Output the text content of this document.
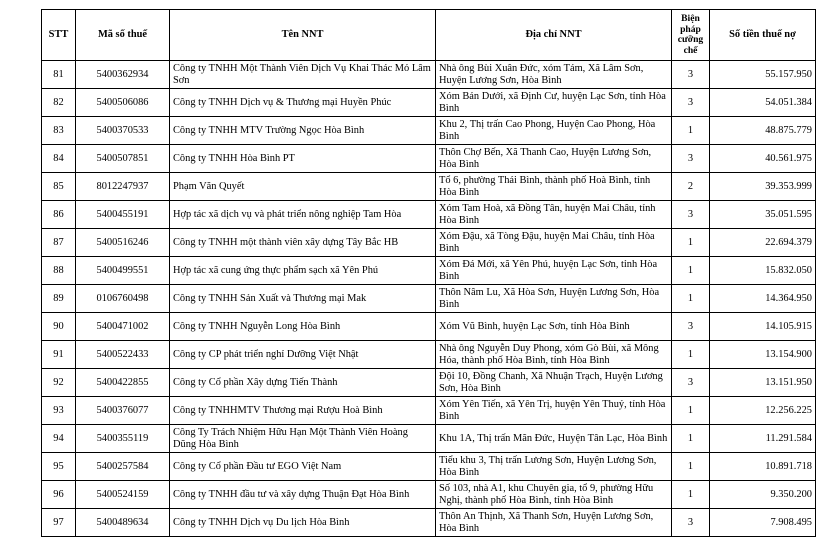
STT	Mã số thuế	Tên NNT	Địa chỉ NNT	Biện pháp cưỡng chế	Số tiền thuế nợ
81	5400362934	Công ty TNHH Một Thành Viên Dịch Vụ Khai Thác Mỏ Lâm Sơn	Nhà ông Bùi Xuân Đức, xóm Tám, Xã Lâm Sơn, Huyện Lương Sơn, Hòa Bình	3	55.157.950
82	5400506086	Công ty TNHH Dịch vụ & Thương mại Huyền Phúc	Xóm Bản Dưới, xã Định Cư, huyện Lạc Sơn, tỉnh Hòa Bình	3	54.051.384
83	5400370533	Công ty TNHH MTV Trường Ngọc Hòa Bình	Khu 2, Thị trấn Cao Phong, Huyện Cao Phong, Hòa Bình	1	48.875.779
84	5400507851	Công ty TNHH Hòa Bình PT	Thôn Chợ Bến, Xã Thanh Cao, Huyện Lương Sơn, Hòa Bình	3	40.561.975
85	8012247937	Phạm Văn Quyết	Tổ 6, phường Thái Bình, thành phố Hoà Bình, tỉnh Hòa Bình	2	39.353.999
86	5400455191	Hợp tác xã dịch vụ và phát triển nông nghiệp Tam Hòa	Xóm Tam Hoà, xã Đồng Tân, huyện Mai Châu, tỉnh Hòa Bình	3	35.051.595
87	5400516246	Công ty TNHH một thành viên xây dựng Tây Bắc HB	Xóm Đậu, xã Tòng Đậu, huyện Mai Châu, tỉnh Hòa Bình	1	22.694.379
88	5400499551	Hợp tác xã cung ứng thực phẩm sạch xã Yên Phú	Xóm Đá Mới, xã Yên Phú, huyện Lạc Sơn, tỉnh Hòa Bình	1	15.832.050
89	0106760498	Công ty TNHH Sản Xuất và Thương mại Mak	Thôn Nâm Lu, Xã Hòa Sơn, Huyện Lương Sơn, Hòa Bình	1	14.364.950
90	5400471002	Công ty TNHH Nguyễn Long Hòa Bình	Xóm Vũ Bình, huyện Lạc Sơn, tỉnh Hòa Bình	3	14.105.915
91	5400522433	Công ty CP phát triển nghỉ Dưỡng Việt Nhật	Nhà ông Nguyễn Duy Phong, xóm Gò Bùi, xã Mông Hóa, thành phố Hòa Bình, tỉnh Hòa Bình	1	13.154.900
92	5400422855	Công ty Cổ phần Xây dựng Tiến Thành	Đội 10, Đồng Chanh, Xã Nhuận Trạch, Huyện Lương Sơn, Hòa Bình	3	13.151.950
93	5400376077	Công ty TNHHMTV Thương mại Rượu Hoà Bình	Xóm Yên Tiến, xã Yên Trị, huyện Yên Thuỷ, tỉnh Hòa Bình	1	12.256.225
94	5400355119	Công Ty Trách Nhiệm Hữu Hạn Một Thành Viên Hoàng Dũng Hòa Bình	Khu 1A, Thị trấn Mãn Đức, Huyện Tân Lạc, Hòa Bình	1	11.291.584
95	5400257584	Công ty Cổ phần Đầu tư EGO Việt Nam	Tiểu khu 3, Thị trấn Lương Sơn, Huyện Lương Sơn, Hòa Bình	1	10.891.718
96	5400524159	Công ty TNHH đầu tư và xây dựng Thuận Đạt Hòa Bình	Số 103, nhà A1, khu Chuyên gia, tổ 9, phường Hữu Nghị, thành phố Hòa Bình, tỉnh Hòa Bình	1	9.350.200
97	5400489634	Công ty TNHH Dịch vụ Du lịch Hòa Bình	Thôn An Thịnh, Xã Thanh Sơn, Huyện Lương Sơn, Hòa Bình	3	7.908.495
